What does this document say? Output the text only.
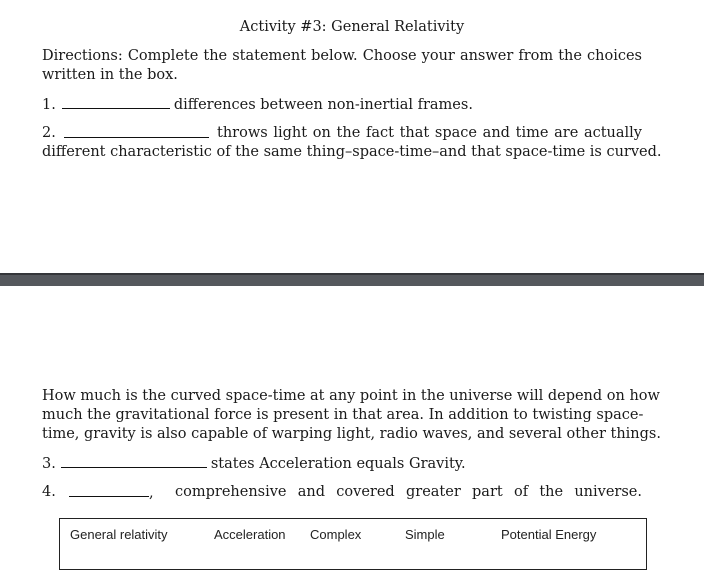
Activity #3: General Relativity
Directions: Complete the statement below. Choose your answer from the choices
written in the box.
1.	differences between non-inertial frames.
2.	throws light on the fact that space and time are actually
different characteristic of the same thing–space-time–and that space-time is curved.
How much is the curved space-time at any point in the universe will depend on how
much the gravitational force is present in that area. In addition to twisting space-
time, gravity is also capable of warping light, radio waves, and several other things.
3.	states Acceleration equals Gravity.
4.	, comprehensive and covered greater part of the universe.
General relativity	Acceleration Complex	Simple	Potential Energy
